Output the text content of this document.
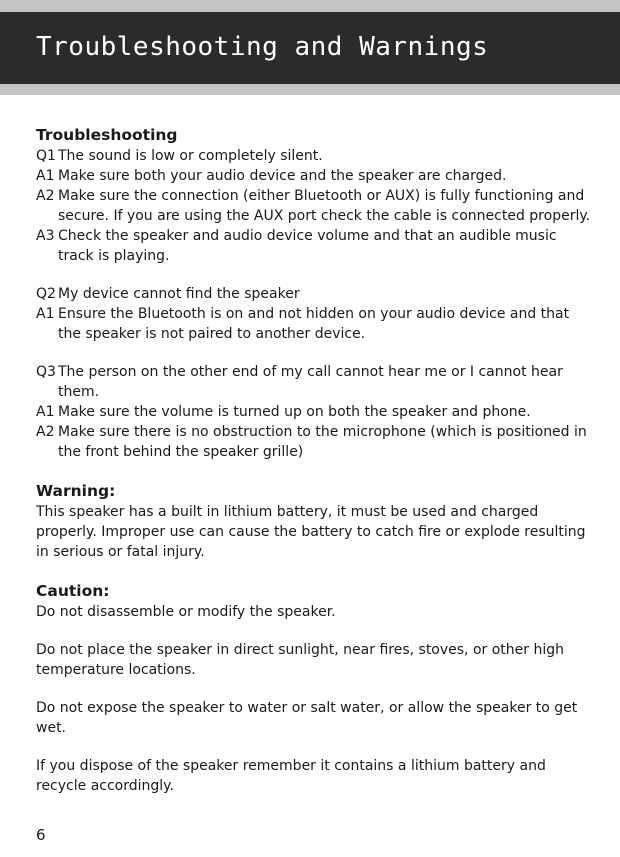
Troubleshooting and Warnings
Troubleshooting
Q1 The sound is low or completely silent.
A1 Make sure both your audio device and the speaker are charged.
A2 Make sure the connection (either Bluetooth or AUX) is fully functioning and secure. If you are using the AUX port check the cable is connected properly.
A3 Check the speaker and audio device volume and that an audible music track is playing.
Q2 My device cannot find the speaker
A1 Ensure the Bluetooth is on and not hidden on your audio device and that the speaker is not paired to another device.
Q3 The person on the other end of my call cannot hear me or I cannot hear them.
A1 Make sure the volume is turned up on both the speaker and phone.
A2 Make sure there is no obstruction to the microphone (which is positioned in the front behind the speaker grille)
Warning:

This speaker has a built in lithium battery, it must be used and charged properly. Improper use can cause the battery to catch fire or explode resulting in serious or fatal injury.

Caution:

Do not disassemble or modify the speaker.

Do not place the speaker in direct sunlight, near fires, stoves, or other high temperature locations.

Do not expose the speaker to water or salt water, or allow the speaker to get wet.

If you dispose of the speaker remember it contains a lithium battery and recycle accordingly.

6
